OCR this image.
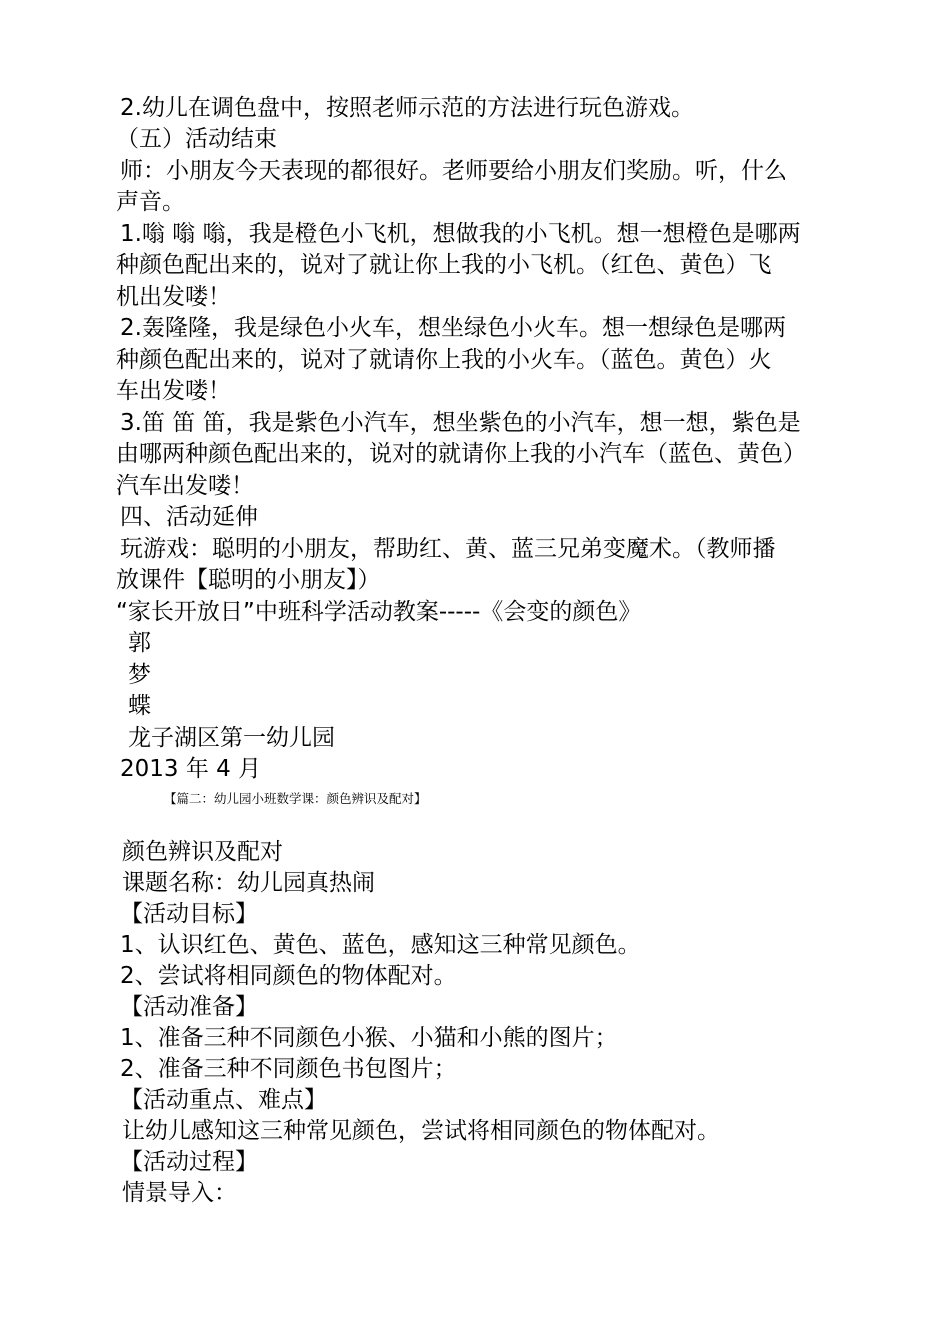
2.幼儿在调色盘中，按照老师示范的方法进行玩色游戏。
（五）活动结束
师：小朋友今天表现的都很好。老师要给小朋友们奖励。听，什么
声音。
1.嗡 嗡 嗡，我是橙色小飞机，想做我的小飞机。想一想橙色是哪两
种颜色配出来的，说对了就让你上我的小飞机。（红色、黄色）飞
机出发喽！
2.轰隆隆，我是绿色小火车，想坐绿色小火车。想一想绿色是哪两
种颜色配出来的，说对了就请你上我的小火车。（蓝色。黄色）火
车出发喽！
3.笛 笛 笛，我是紫色小汽车，想坐紫色的小汽车，想一想，紫色是
由哪两种颜色配出来的，说对的就请你上我的小汽车（蓝色、黄色）
汽车出发喽！
四、活动延伸
玩游戏：聪明的小朋友，帮助红、黄、蓝三兄弟变魔术。（教师播
放课件【聪明的小朋友】）
“家长开放日”中班科学活动教案-----《会变的颜色》
郭
梦
蝶
龙子湖区第一幼儿园
2013 年 4 月
【篇二：幼儿园小班数学课：颜色辨识及配对】
颜色辨识及配对
课题名称：幼儿园真热闹
【活动目标】
1、认识红色、黄色、蓝色，感知这三种常见颜色。
2、尝试将相同颜色的物体配对。
【活动准备】
1、准备三种不同颜色小猴、小猫和小熊的图片；
2、准备三种不同颜色书包图片；
【活动重点、难点】
让幼儿感知这三种常见颜色，尝试将相同颜色的物体配对。
【活动过程】
情景导入：
